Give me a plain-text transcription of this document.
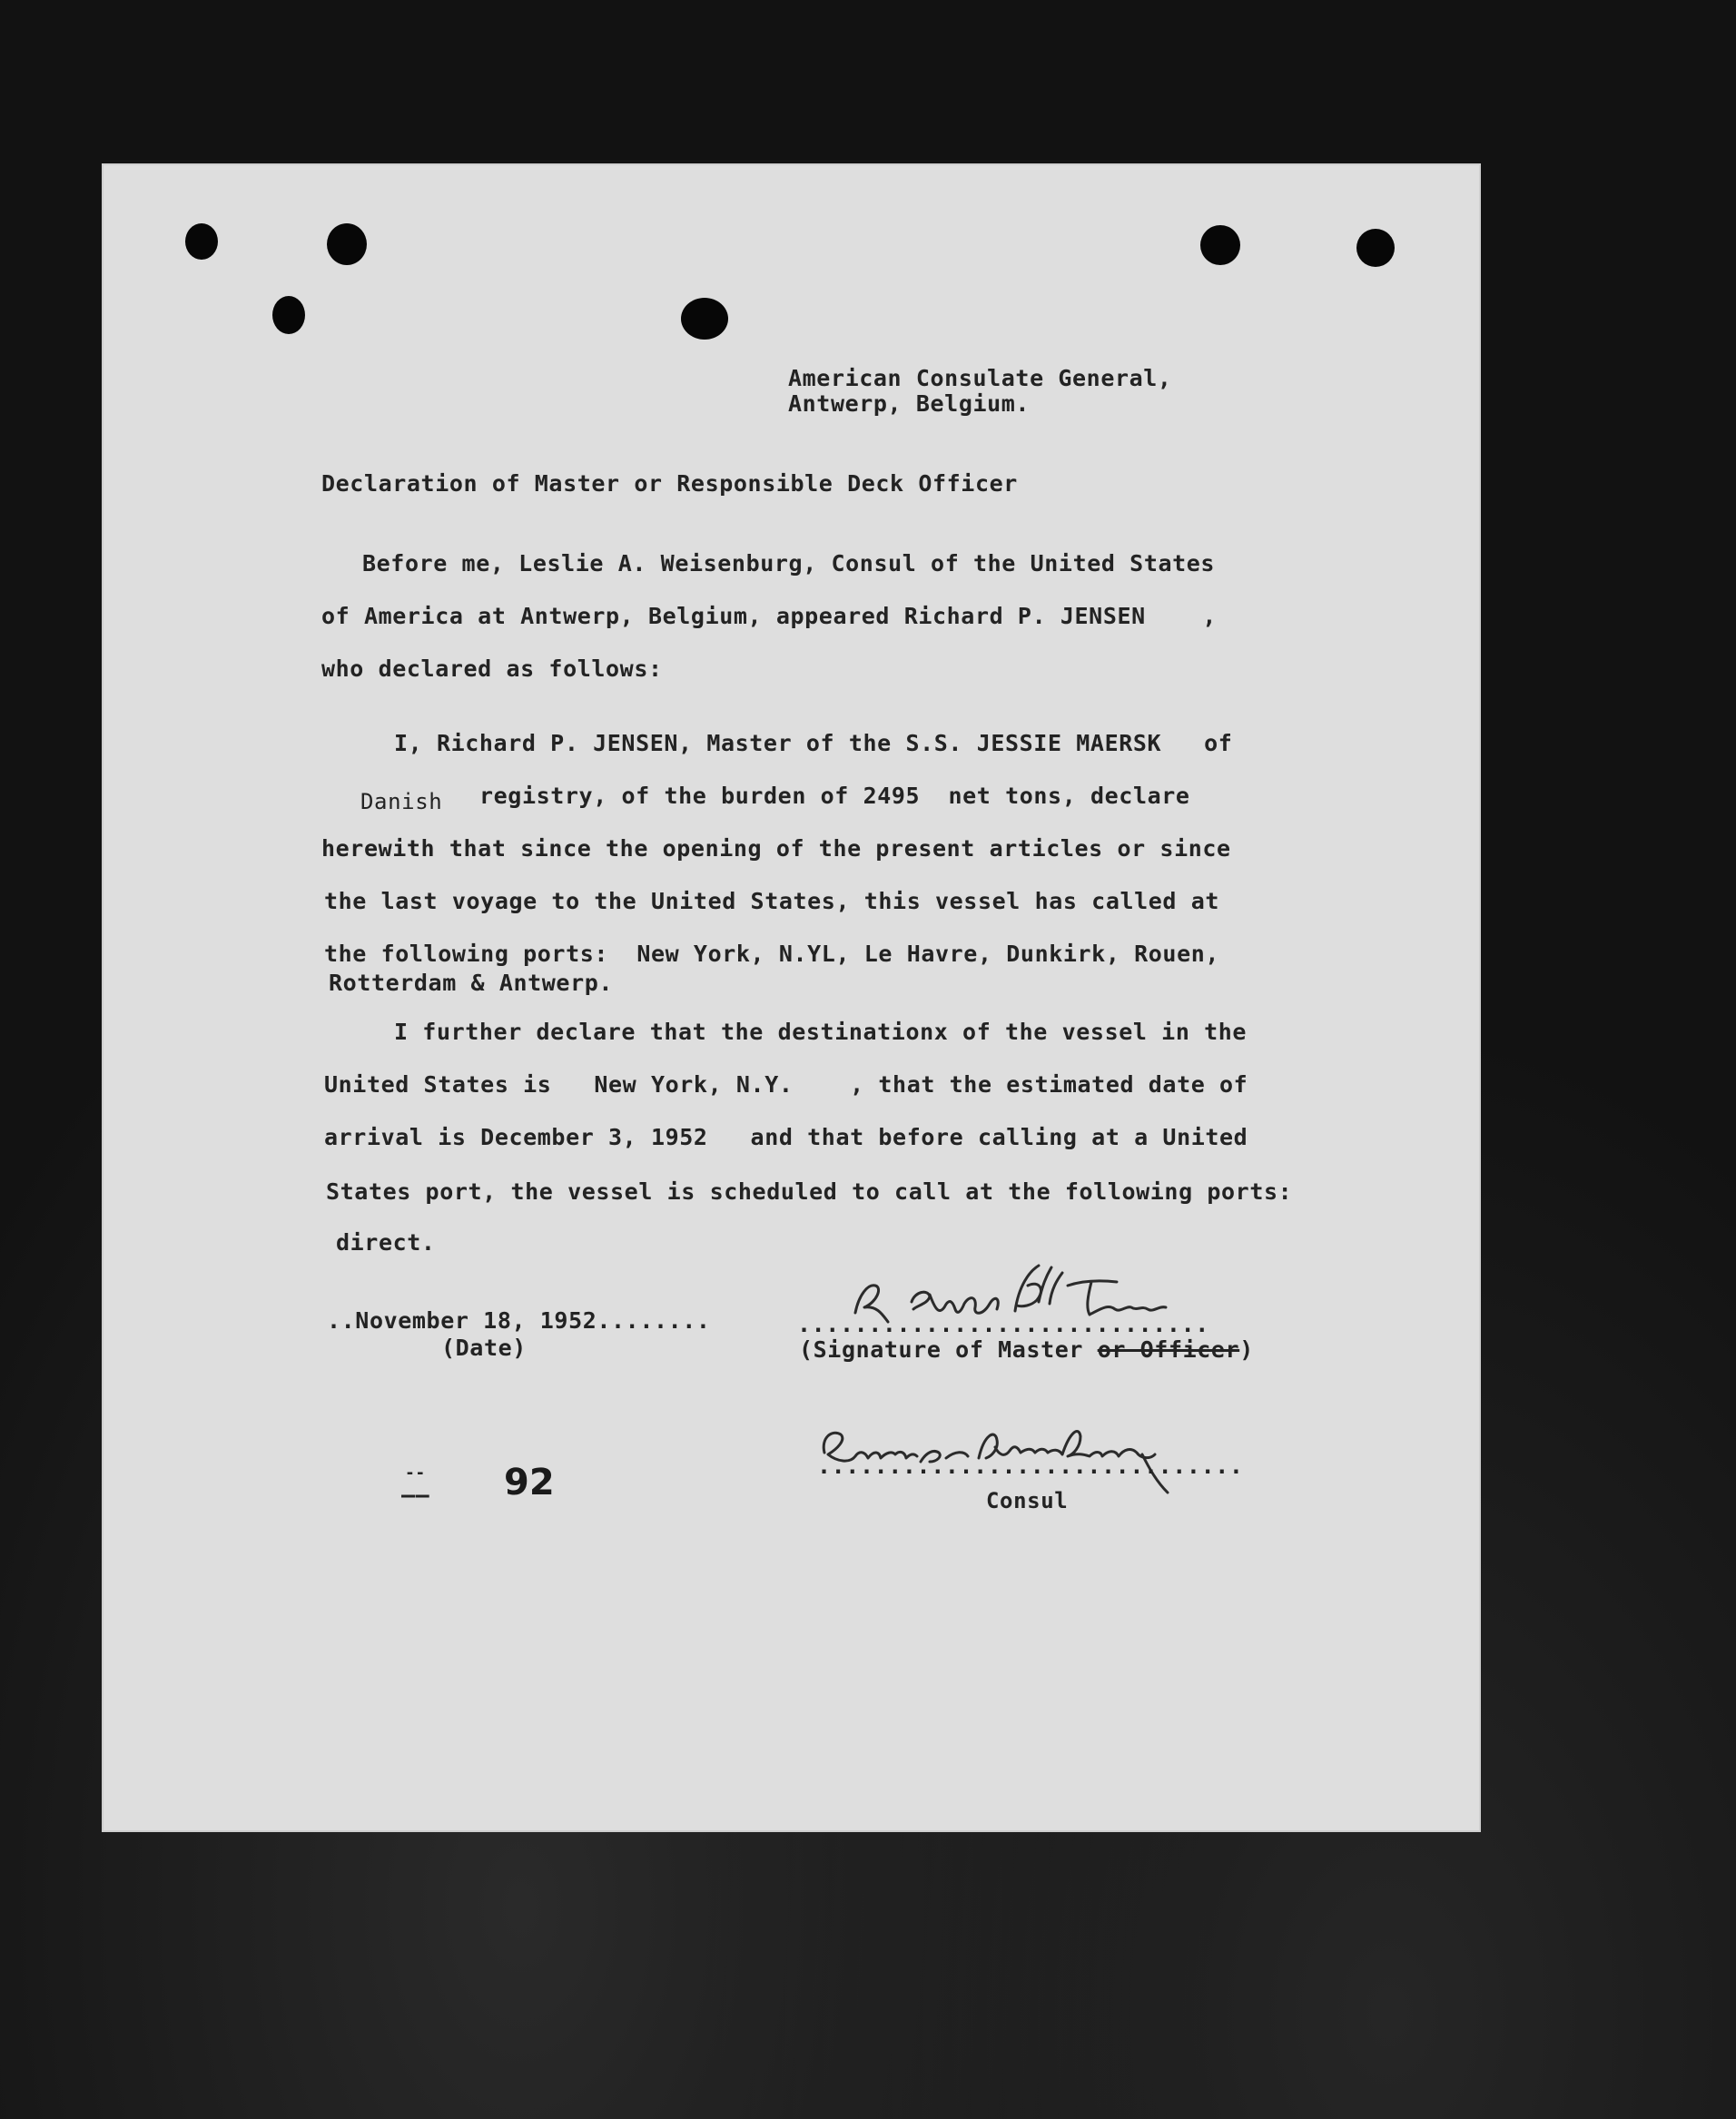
American Consulate General,
Antwerp, Belgium.
Declaration of Master or Responsible Deck Officer
Before me, Leslie A. Weisenburg, Consul of the United States
of America at Antwerp, Belgium, appeared Richard P. JENSEN    ,
who declared as follows:
I, Richard P. JENSEN, Master of the S.S. JESSIE MAERSK   of
Danish registry, of the burden of 2495  net tons, declare
herewith that since the opening of the present articles or since
the last voyage to the United States, this vessel has called at
the following ports:  New York, N.YL, Le Havre, Dunkirk, Rouen,
Rotterdam & Antwerp.
I further declare that the destinationx of the vessel in the
United States is   New York, N.Y.    , that the estimated date of
arrival is December 3, 1952   and that before calling at a United
States port, the vessel is scheduled to call at the following ports:
direct.
..November 18, 1952........
(Date)
.............................
(Signature of Master or Officer)
..............................
Consul
--
—— 92
